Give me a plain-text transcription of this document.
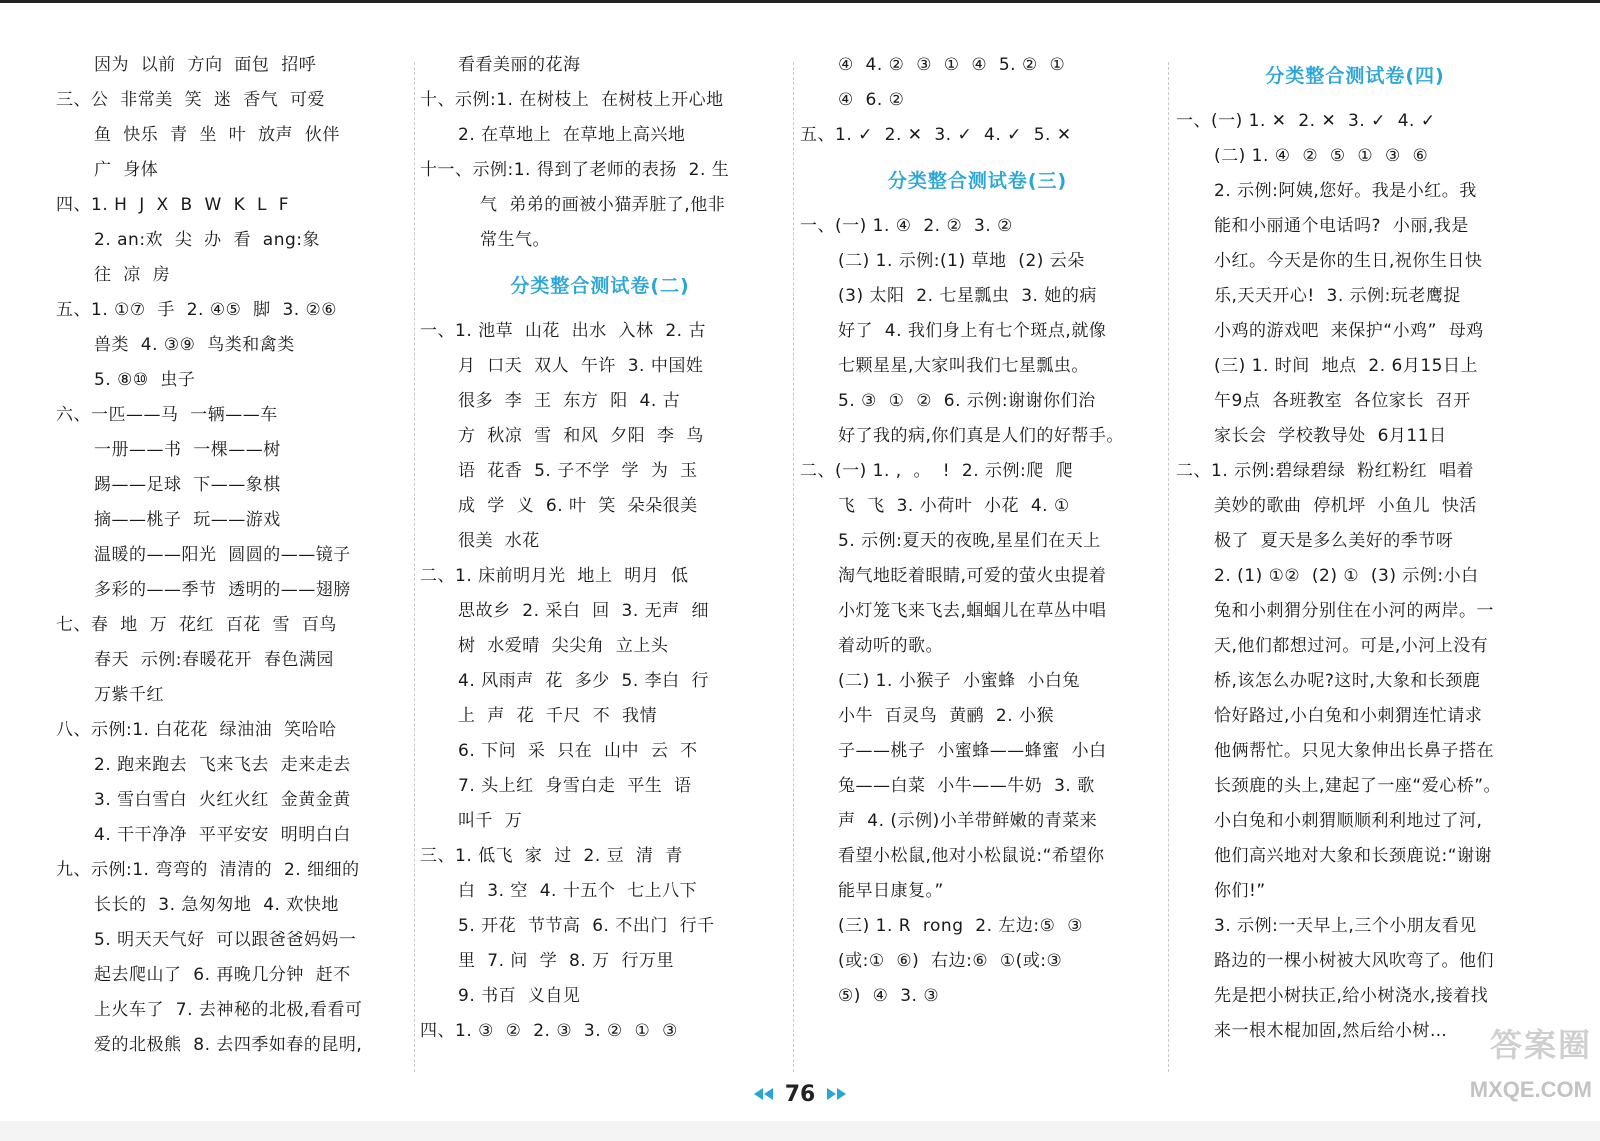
因为  以前  方向  面包  招呼
三、公  非常美  笑  迷  香气  可爱
鱼  快乐  青  坐  叶  放声  伙伴
广  身体
四、1. H  J  X  B  W  K  L  F
2. an:欢  尖  办  看  ang:象
往  凉  房
五、1. ①⑦  手  2. ④⑤  脚  3. ②⑥
兽类  4. ③⑨  鸟类和禽类
5. ⑧⑩  虫子
六、一匹——马  一辆——车
一册——书  一棵——树
踢——足球  下——象棋
摘——桃子  玩——游戏
温暖的——阳光  圆圆的——镜子
多彩的——季节  透明的——翅膀
七、春  地  万  花红  百花  雪  百鸟
春天  示例:春暖花开  春色满园
万紫千红
八、示例:1. 白花花  绿油油  笑哈哈
2. 跑来跑去  飞来飞去  走来走去
3. 雪白雪白  火红火红  金黄金黄
4. 干干净净  平平安安  明明白白
九、示例:1. 弯弯的  清清的  2. 细细的
长长的  3. 急匆匆地  4. 欢快地
5. 明天天气好  可以跟爸爸妈妈一
起去爬山了  6. 再晚几分钟  赶不
上火车了  7. 去神秘的北极,看看可
爱的北极熊  8. 去四季如春的昆明,
看看美丽的花海
十、示例:1. 在树枝上  在树枝上开心地
2. 在草地上  在草地上高兴地
十一、示例:1. 得到了老师的表扬  2. 生
气  弟弟的画被小猫弄脏了,他非
常生气。
分类整合测试卷(二)
一、1. 池草  山花  出水  入林  2. 古
月  口天  双人  午许  3. 中国姓
很多  李  王  东方  阳  4. 古
方  秋凉  雪  和风  夕阳  李  鸟
语  花香  5. 子不学  学  为  玉
成  学  义  6. 叶  笑  朵朵很美
很美  水花
二、1. 床前明月光  地上  明月  低
思故乡  2. 采白  回  3. 无声  细
树  水爱晴  尖尖角  立上头
4. 风雨声  花  多少  5. 李白  行
上  声  花  千尺  不  我情
6. 下问  采  只在  山中  云  不
7. 头上红  身雪白走  平生  语
叫千  万
三、1. 低飞  家  过  2. 豆  清  青
白  3. 空  4. 十五个  七上八下
5. 开花  节节高  6. 不出门  行千
里  7. 问  学  8. 万  行万里
9. 书百  义自见
四、1. ③  ②  2. ③  3. ②  ①  ③
④  4. ②  ③  ①  ④  5. ②  ①
④  6. ②
五、1. ✓  2. ✕  3. ✓  4. ✓  5. ✕
分类整合测试卷(三)
一、(一) 1. ④  2. ②  3. ②
(二) 1. 示例:(1) 草地  (2) 云朵
(3) 太阳  2. 七星瓢虫  3. 她的病
好了  4. 我们身上有七个斑点,就像
七颗星星,大家叫我们七星瓢虫。
5. ③  ①  ②  6. 示例:谢谢你们治
好了我的病,你们真是人们的好帮手。
二、(一) 1. ,  。  !  2. 示例:爬  爬
飞  飞  3. 小荷叶  小花  4. ①
5. 示例:夏天的夜晚,星星们在天上
淘气地眨着眼睛,可爱的萤火虫提着
小灯笼飞来飞去,蝈蝈儿在草丛中唱
着动听的歌。
(二) 1. 小猴子  小蜜蜂  小白兔
小牛  百灵鸟  黄鹂  2. 小猴
子——桃子  小蜜蜂——蜂蜜  小白
兔——白菜  小牛——牛奶  3. 歌
声  4. (示例)小羊带鲜嫩的青菜来
看望小松鼠,他对小松鼠说:“希望你
能早日康复。”
(三) 1. R  rong  2. 左边:⑤  ③
(或:①  ⑥)  右边:⑥  ①(或:③
⑤)  ④  3. ③
分类整合测试卷(四)
一、(一) 1. ✕  2. ✕  3. ✓  4. ✓
(二) 1. ④  ②  ⑤  ①  ③  ⑥
2. 示例:阿姨,您好。我是小红。我
能和小丽通个电话吗?  小丽,我是
小红。今天是你的生日,祝你生日快
乐,天天开心!  3. 示例:玩老鹰捉
小鸡的游戏吧  来保护“小鸡”  母鸡
(三) 1. 时间  地点  2. 6月15日上
午9点  各班教室  各位家长  召开
家长会  学校教导处  6月11日
二、1. 示例:碧绿碧绿  粉红粉红  唱着
美妙的歌曲  停机坪  小鱼儿  快活
极了  夏天是多么美好的季节呀
2. (1) ①②  (2) ①  (3) 示例:小白
兔和小刺猬分别住在小河的两岸。一
天,他们都想过河。可是,小河上没有
桥,该怎么办呢?这时,大象和长颈鹿
恰好路过,小白兔和小刺猬连忙请求
他俩帮忙。只见大象伸出长鼻子搭在
长颈鹿的头上,建起了一座“爱心桥”。
小白兔和小刺猬顺顺利利地过了河,
他们高兴地对大象和长颈鹿说:“谢谢
你们!”
3. 示例:一天早上,三个小朋友看见
路边的一棵小树被大风吹弯了。他们
先是把小树扶正,给小树浇水,接着找
来一根木棍加固,然后给小树…
76
答案圈
MXQE.COM
